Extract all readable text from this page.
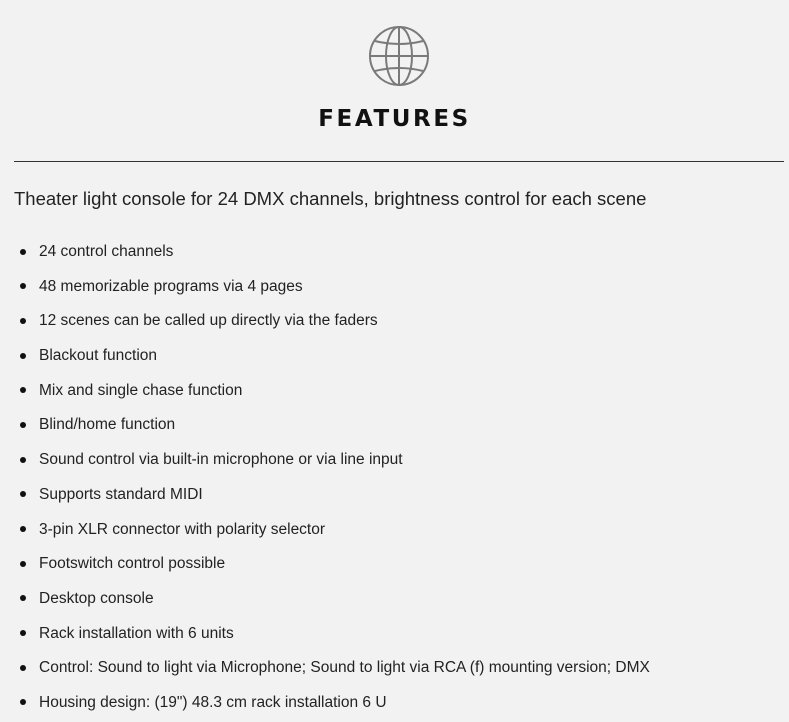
FEATURES
Theater light console for 24 DMX channels, brightness control for each scene
24 control channels
48 memorizable programs via 4 pages
12 scenes can be called up directly via the faders
Blackout function
Mix and single chase function
Blind/home function
Sound control via built-in microphone or via line input
Supports standard MIDI
3-pin XLR connector with polarity selector
Footswitch control possible
Desktop console
Rack installation with 6 units
Control: Sound to light via Microphone; Sound to light via RCA (f) mounting version; DMX
Housing design: (19") 48.3 cm rack installation 6 U
